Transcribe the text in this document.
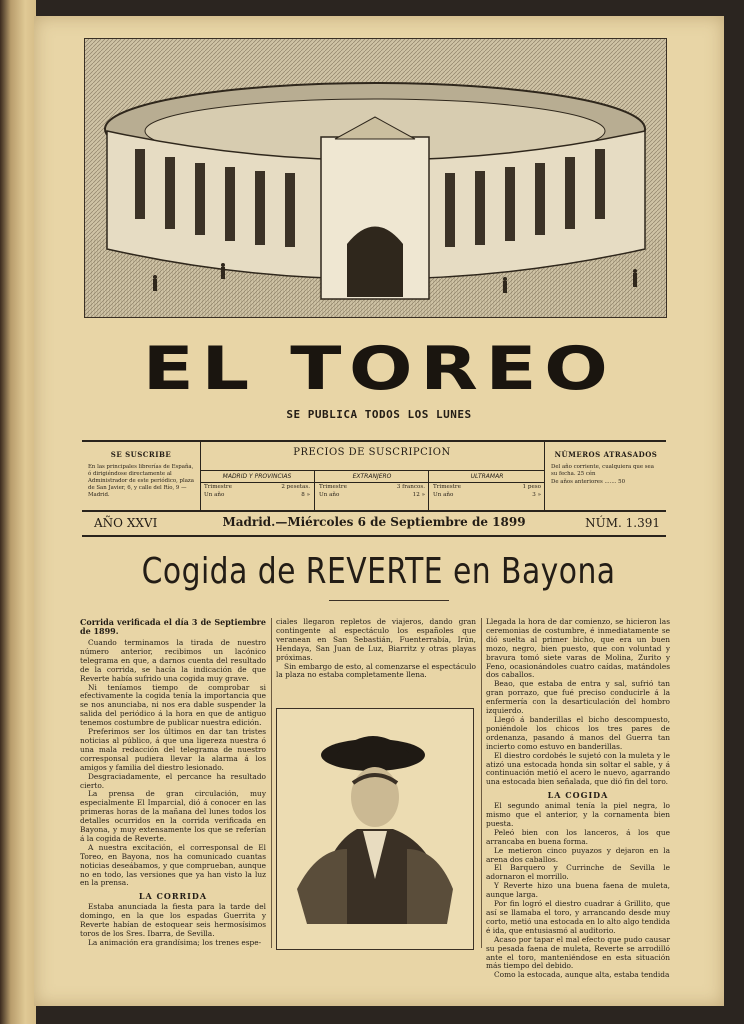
EL TOREO
SE PUBLICA TODOS LOS LUNES
SE SUSCRIBE
En las principales librerías de España, ó dirigiéndose directamente al Administrador de este periódico, plaza de San Javier, 6, y calle del Río, 9 —Madrid.
PRECIOS DE SUSCRIPCION
MADRID Y PROVINCIAS
Trimestre	2 pesetas.
Un año	8 »
EXTRANJERO
Trimestre	3 francos.
Un año	12 »
ULTRAMAR
Trimestre	1 peso
Un año	3 »
NÚMEROS ATRASADOS
Del año corriente, cualquiera que sea su fecha. 25 cén
De años anteriores ....... 50
Madrid.—Miércoles 6 de Septiembre de 1899
AÑO XXVI	NÚM. 1.391
Cogida de REVERTE en Bayona
Corrida verificada el día 3 de Septiembre de 1899.

Cuando terminamos la tirada de nuestro número anterior, recibimos un lacónico telegrama en que, a darnos cuenta del resultado de la corrida, se hacía la indicación de que Reverte había sufrido una cogida muy grave.

Ni teníamos tiempo de comprobar si efectivamente la cogida tenía la importancia que se nos anunciaba, ni nos era dable suspender la salida del periódico á la hora en que de antiguo tenemos costumbre de publicar nuestra edición.

Preferimos ser los últimos en dar tan tristes noticias al público, á que una ligereza nuestra ó una mala redacción del telegrama de nuestro corresponsal pudiera llevar la alarma á los amigos y familia del diestro lesionado.

Desgraciadamente, el percance ha resultado cierto.

La prensa de gran circulación, muy especialmente El Imparcial, dió á conocer en las primeras horas de la mañana del lunes todos los detalles ocurridos en la corrida verificada en Bayona, y muy extensamente los que se referían á la cogida de Reverte.

A nuestra excitación, el corresponsal de El Toreo, en Bayona, nos ha comunicado cuantas noticias deseábamos, y que comprueban, aunque no en todo, las versiones que ya han visto la luz en la prensa.

LA CORRIDA

Estaba anunciada la fiesta para la tarde del domingo, en la que los espadas Guerrita y Reverte habían de estoquear seis hermosísimos toros de los Sres. Ibarra, de Sevilla.

La animación era grandísima; los trenes espe-

ciales llegaron repletos de viajeros, dando gran contingente al espectáculo los españoles que veranean en San Sebastián, Fuenterrabía, Irún, Hendaya, San Juan de Luz, Biarritz y otras playas próximas.

Sin embargo de esto, al comenzarse el espectáculo la plaza no estaba completamente llena.

Llegada la hora de dar comienzo, se hicieron las ceremonias de costumbre, é inmediatamente se dió suelta al primer bicho, que era un buen mozo, negro, bien puesto, que con voluntad y bravura tomó siete varas de Molina, Zurito y Feno, ocasionándoles cuatro caídas, matándoles dos caballos.

Beao, que estaba de entra y sal, sufrió tan gran porrazo, que fué preciso conducirle á la enfermería con la desarticulación del hombro izquierdo.

Llegó á banderillas el bicho descompuesto, poniéndole los chicos los tres pares de ordenanza, pasando á manos del Guerra tan incierto como estuvo en banderillas.

El diestro cordobés le sujetó con la muleta y le atizó una estocada honda sin soltar el sable, y á continuación metió el acero le nuevo, agarrando una estocada bien señalada, que dió fin del toro.

LA COGIDA

El segundo animal tenía la piel negra, lo mismo que el anterior, y la cornamenta bien puesta.

Peleó bien con los lanceros, á los que arrancaba en buena forma.

Le metieron cinco puyazos y dejaron en la arena dos caballos.

El Barquero y Currinche de Sevilla le adornaron el morrillo.

Y Reverte hizo una buena faena de muleta, aunque larga.

Por fin logró el diestro cuadrar á Grillito, que así se llamaba el toro, y arrancando desde muy corto, metió una estocada en lo alto algo tendida é ida, que entusiasmó al auditorio.

Acaso por tapar el mal efecto que pudo causar su pesada faena de muleta, Reverte se arrodilló ante el toro, manteniéndose en esta situación más tiempo del debido.

Como la estocada, aunque alta, estaba tendida
